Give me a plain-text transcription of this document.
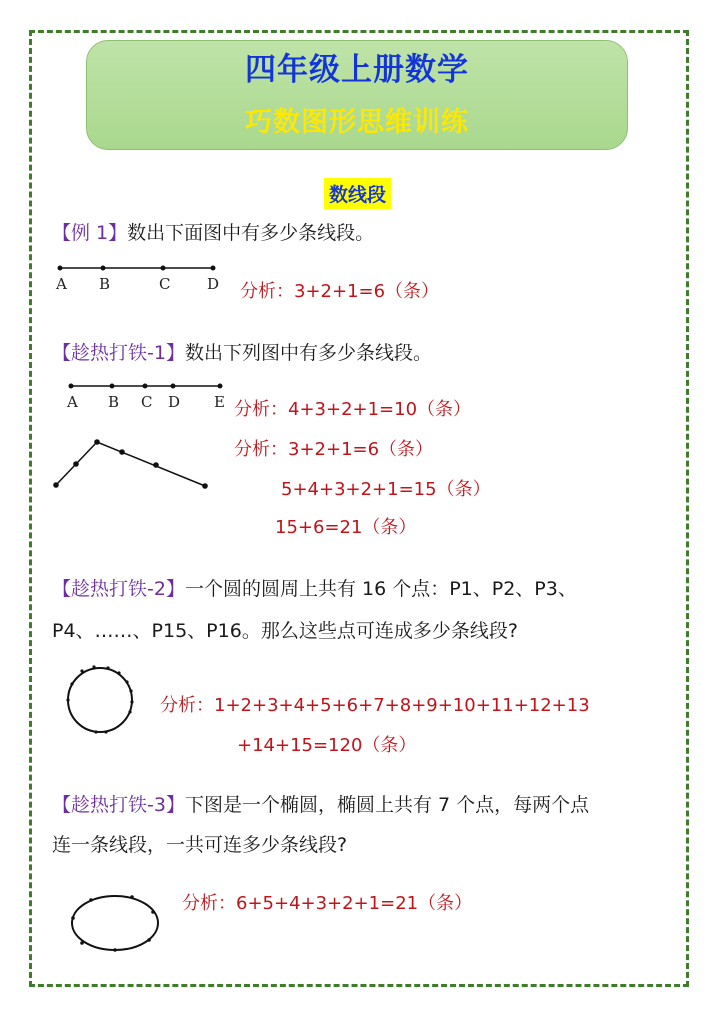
四年级上册数学
巧数图形思维训练
数线段
【例 1】数出下面图中有多少条线段。
A B	C D 分析：3+2+1=6（条）
【趁热打铁-1】数出下列图中有多少条线段。
A B C D E 分析：4+3+2+1=10（条）
分析：3+2+1=6（条）
5+4+3+2+1=15（条）
15+6=21（条）
【趁热打铁-2】一个圆的圆周上共有 16 个点：P1、P2、P3、
P4、……、P15、P16。那么这些点可连成多少条线段?
分析：1+2+3+4+5+6+7+8+9+10+11+12+13
+14+15=120（条）
【趁热打铁-3】下图是一个椭圆，椭圆上共有 7 个点，每两个点
连一条线段，一共可连多少条线段?
分析：6+5+4+3+2+1=21（条）
